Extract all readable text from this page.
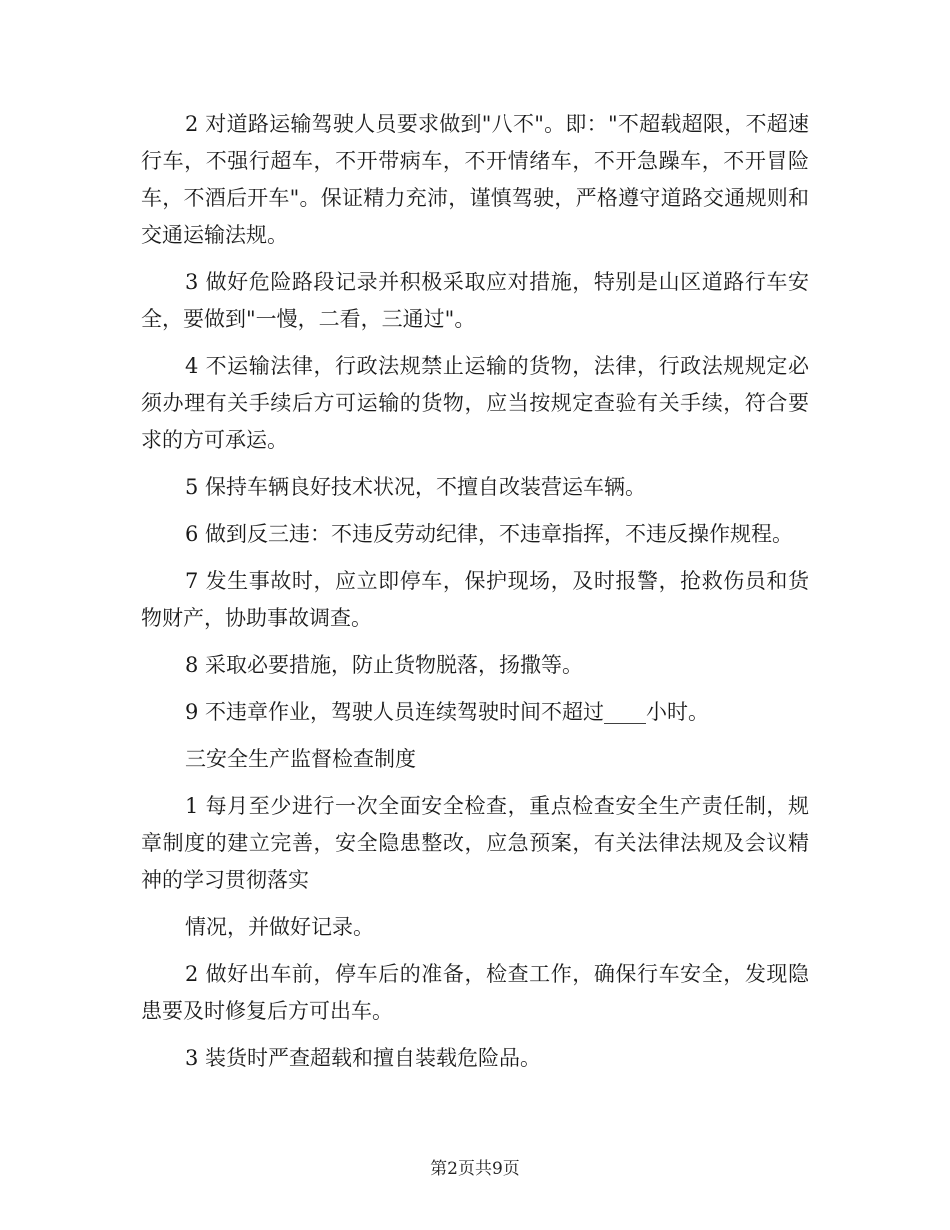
2 对道路运输驾驶人员要求做到"八不"。即："不超载超限，不超速行车，不强行超车，不开带病车，不开情绪车，不开急躁车，不开冒险车，不酒后开车"。保证精力充沛，谨慎驾驶，严格遵守道路交通规则和交通运输法规。

3 做好危险路段记录并积极采取应对措施，特别是山区道路行车安全，要做到"一慢，二看，三通过"。

4 不运输法律，行政法规禁止运输的货物，法律，行政法规规定必须办理有关手续后方可运输的货物，应当按规定查验有关手续，符合要求的方可承运。

5 保持车辆良好技术状况，不擅自改装营运车辆。

6 做到反三违：不违反劳动纪律，不违章指挥，不违反操作规程。

7 发生事故时，应立即停车，保护现场，及时报警，抢救伤员和货物财产，协助事故调查。

8 采取必要措施，防止货物脱落，扬撒等。

9 不违章作业，驾驶人员连续驾驶时间不超过____小时。

三安全生产监督检查制度

1 每月至少进行一次全面安全检查，重点检查安全生产责任制，规章制度的建立完善，安全隐患整改，应急预案，有关法律法规及会议精神的学习贯彻落实

情况，并做好记录。

2 做好出车前，停车后的准备，检查工作，确保行车安全，发现隐患要及时修复后方可出车。

3 装货时严查超载和擅自装载危险品。

第2页共9页
